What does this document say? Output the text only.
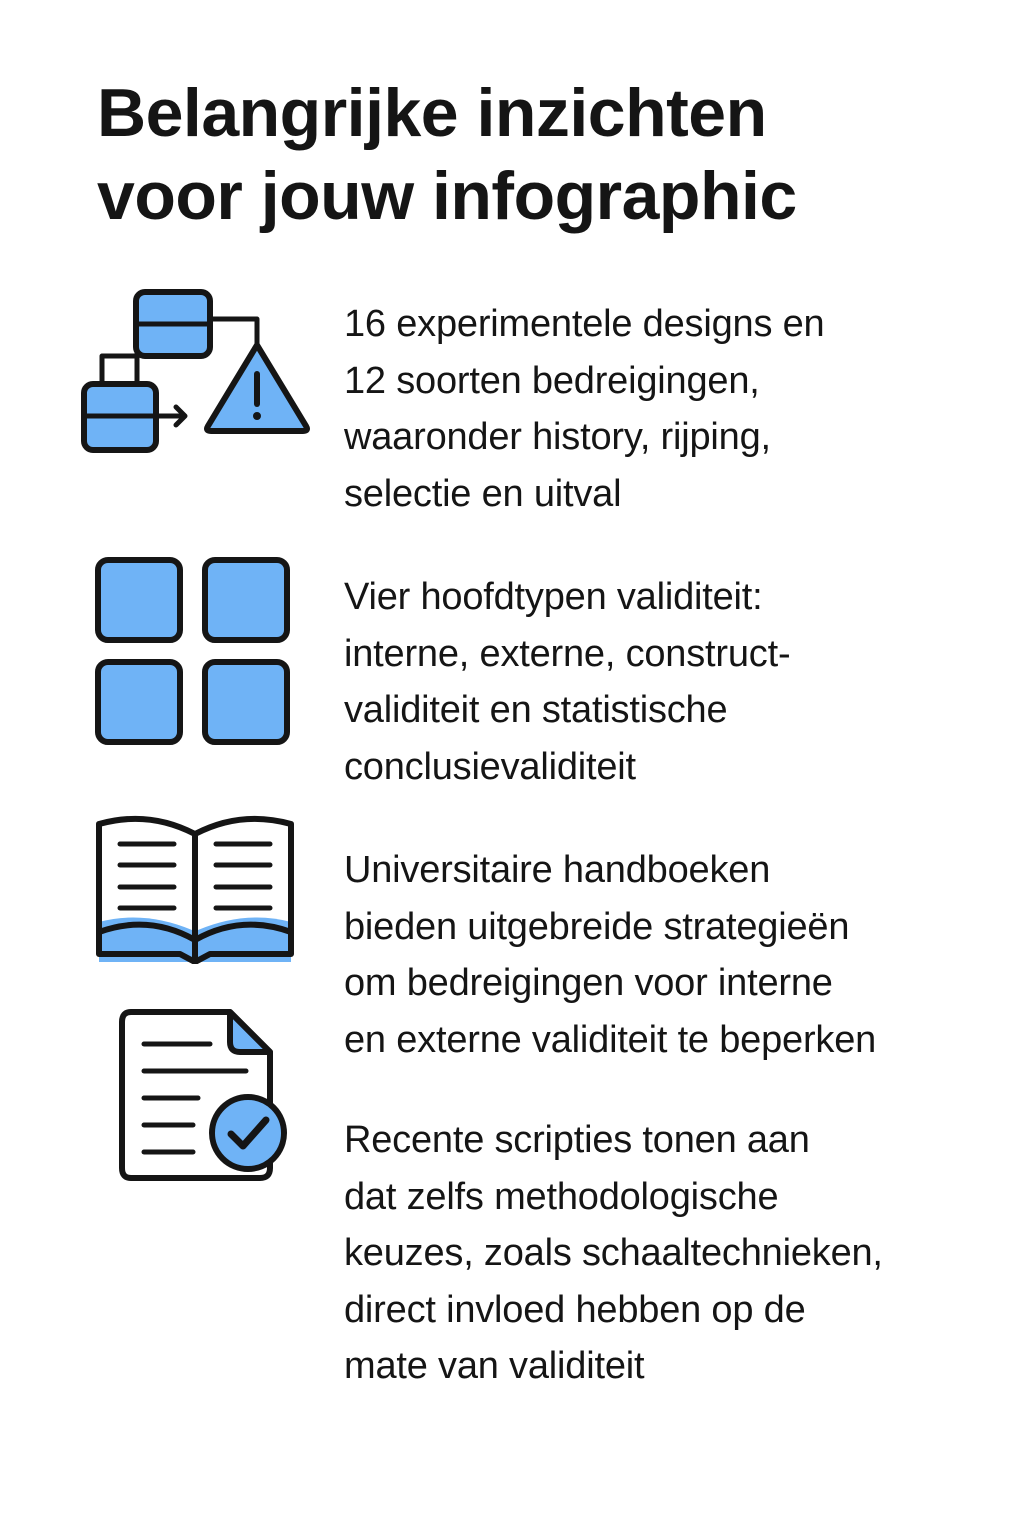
Belangrijke inzichten
voor jouw infographic

16 experimentele designs en
12 soorten bedreigingen,
waaronder history, rijping,
selectie en uitval

Vier hoofdtypen validiteit:
interne, externe, construct-
validiteit en statistische
conclusievaliditeit

Universitaire handboeken
bieden uitgebreide strategieën
om bedreigingen voor interne
en externe validiteit te beperken

Recente scripties tonen aan
dat zelfs methodologische
keuzes, zoals schaaltechnieken,
direct invloed hebben op de
mate van validiteit
